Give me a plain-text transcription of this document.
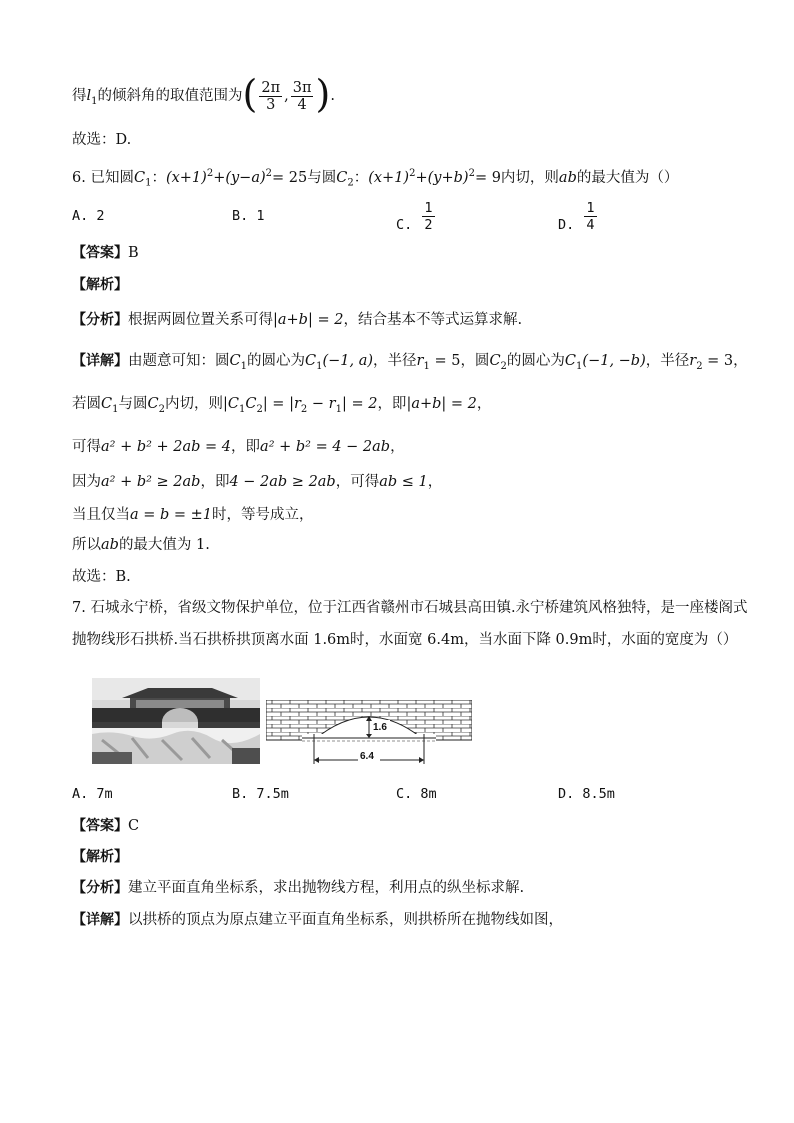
得$l_1$的倾斜角的取值范围为( $\frac{2\pi}{3}$ , $\frac{3\pi}{4}$ ).
故选：D.
6. 已知圆$C_1$：$(x+1)^2+(y-a)^2= 25$与圆$C_2$：$(x+1)^2+(y+b)^2= 9$内切，则ab的最大值为（）
A. 2	B. 1
C. $\frac{1}{2}$	D. $\frac{1}{4}$
【答案】B
【解析】
【分析】根据两圆位置关系可得|a+b| = 2，结合基本不等式运算求解.
【详解】由题意可知：圆$C_1$的圆心为$C_1(-1$, a)，半径$r_1 = 5$，圆$C_2$的圆心为$C_1(-1$, −b)，半径$r_2 = 3$，
若圆$C_1$与圆$C_2$内切，则$|C_1C_2| = |r_2 - r_1| = 2$，即|a+b| = 2，
可得a² + b² + 2ab = 4，即a² + b² = 4 − 2ab，
因为a² + b² ≥ 2ab，即4 − 2ab ≥ 2ab，可得ab ≤ 1，
当且仅当a = b = ±1时，等号成立，
所以ab的最大值为 1.
故选：B.
7. 石城永宁桥，省级文物保护单位，位于江西省赣州市石城县高田镇.永宁桥建筑风格独特，是一座楼阁式
抛物线形石拱桥.当石拱桥拱顶离水面 1.6m时，水面宽 6.4m，当水面下降 0.9m时，水面的宽度为（）
1.6
6.4
A. 7m	B. 7.5m	C. 8m	D. 8.5m
【答案】C
【解析】
【分析】建立平面直角坐标系，求出抛物线方程，利用点的纵坐标求解.
【详解】以拱桥的顶点为原点建立平面直角坐标系，则拱桥所在抛物线如图，
